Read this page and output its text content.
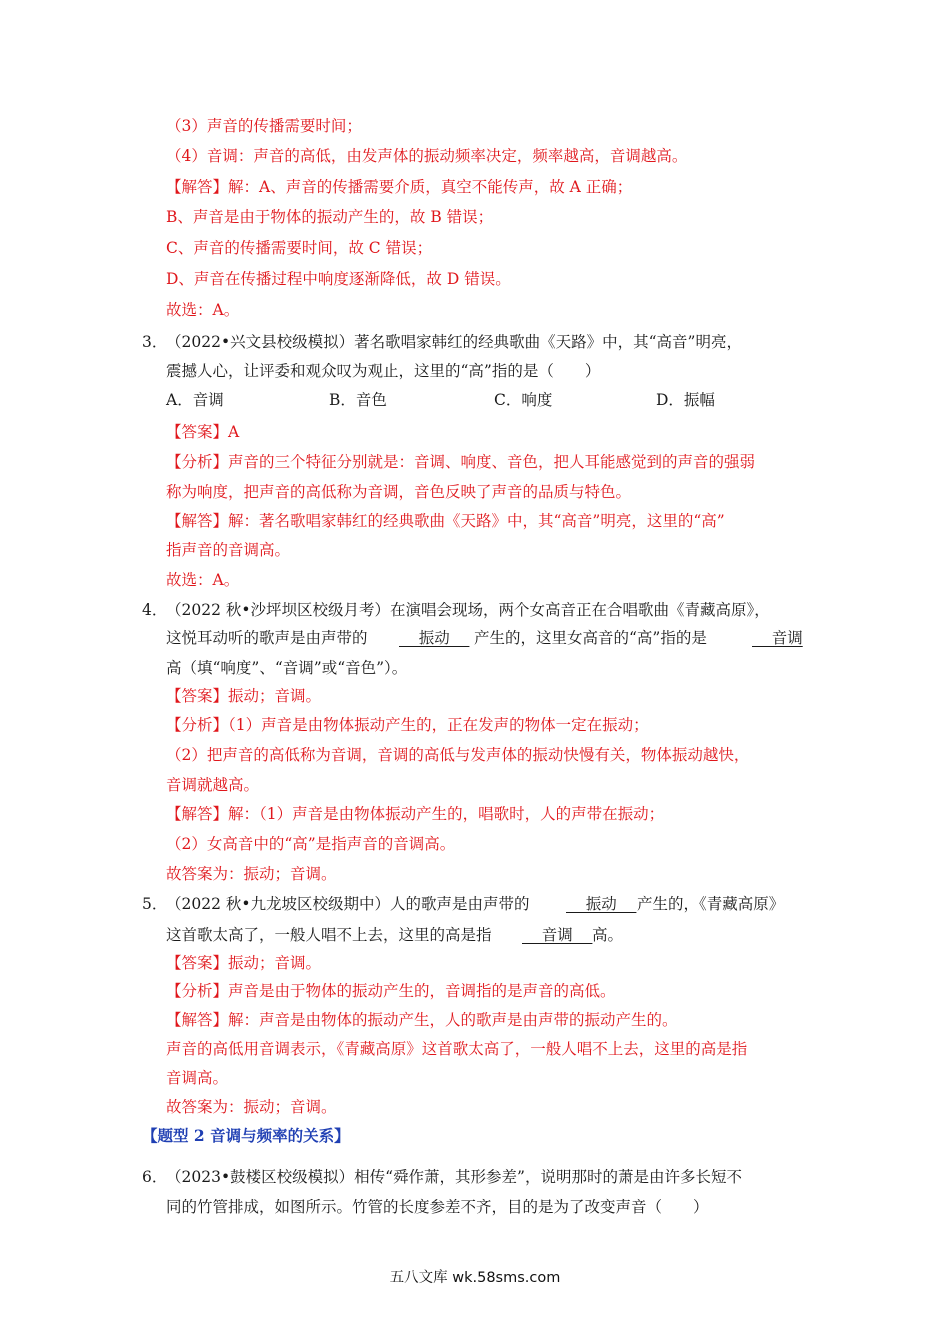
（3）声音的传播需要时间；
（4）音调：声音的高低，由发声体的振动频率决定，频率越高，音调越高。
【解答】解：A、声音的传播需要介质，真空不能传声，故 A 正确；
B、声音是由于物体的振动产生的，故 B 错误；
C、声音的传播需要时间，故 C 错误；
D、声音在传播过程中响度逐渐降低，故 D 错误。
故选：A。
3．
（2022•兴文县校级模拟）著名歌唱家韩红的经典歌曲《天路》中，其“高音”明亮，
震撼人心，让评委和观众叹为观止，这里的“高”指的是（　　）
A．音调	B．音色	C．响度	D．振幅
【答案】A
【分析】声音的三个特征分别就是：音调、响度、音色，把人耳能感觉到的声音的强弱
称为响度，把声音的高低称为音调，音色反映了声音的品质与特色。
【解答】解：著名歌唱家韩红的经典歌曲《天路》中，其“高音”明亮，这里的“高”
指声音的音调高。
故选：A。
4．
（2022 秋•沙坪坝区校级月考）在演唱会现场，两个女高音正在合唱歌曲《青藏高原》，
这悦耳动听的歌声是由声带的 振动 产生的，这里女高音的“高”指的是	音调
高（填“响度”、“音调”或“音色”）。
【答案】振动；音调。
【分析】（1）声音是由物体振动产生的，正在发声的物体一定在振动；
（2）把声音的高低称为音调，音调的高低与发声体的振动快慢有关，物体振动越快，
音调就越高。
【解答】解：（1）声音是由物体振动产生的，唱歌时，人的声带在振动；
（2）女高音中的“高”是指声音的音调高。
故答案为：振动；音调。
5．
（2022 秋•九龙坡区校级期中）人的歌声是由声带的 振动 产生的，《青藏高原》
这首歌太高了，一般人唱不上去，这里的高是指 音调 高。
【答案】振动；音调。
【分析】声音是由于物体的振动产生的，音调指的是声音的高低。
【解答】解：声音是由物体的振动产生，人的歌声是由声带的振动产生的。
声音的高低用音调表示，《青藏高原》这首歌太高了，一般人唱不上去，这里的高是指
音调高。
故答案为：振动；音调。
【题型 2 音调与频率的关系】
6．
（2023•鼓楼区校级模拟）相传“舜作萧，其形参差”，说明那时的萧是由许多长短不
同的竹管排成，如图所示。竹管的长度参差不齐，目的是为了改变声音（　　）
五八文库 wk.58sms.com
